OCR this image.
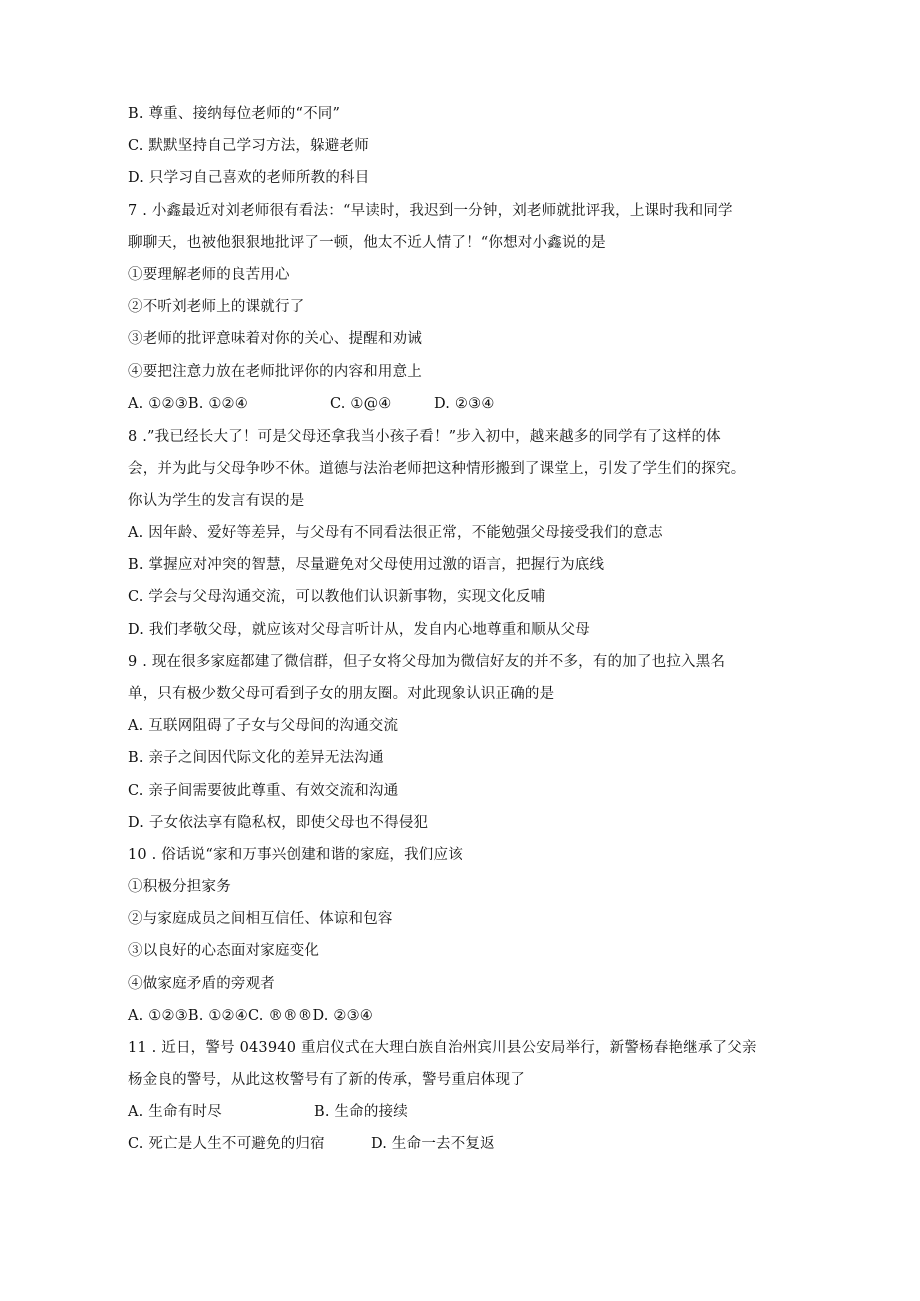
B. 尊重、接纳每位老师的“不同”
C. 默默坚持自己学习方法，躲避老师
D. 只学习自己喜欢的老师所教的科目
7 . 小鑫最近对刘老师很有看法：“早读时，我迟到一分钟，刘老师就批评我，上课时我和同学
聊聊天，也被他狠狠地批评了一顿，他太不近人情了！“你想对小鑫说的是
①要理解老师的良苦用心
②不听刘老师上的课就行了
③老师的批评意味着对你的关心、提醒和劝诫
④要把注意力放在老师批评你的内容和用意上
A. ①②③B. ①②④	C. ①@④	D. ②③④
8 .”我已经长大了！可是父母还拿我当小孩子看！”步入初中，越来越多的同学有了这样的体
会，并为此与父母争吵不休。道德与法治老师把这种情形搬到了课堂上，引发了学生们的探究。
你认为学生的发言有误的是
A. 因年龄、爱好等差异，与父母有不同看法很正常，不能勉强父母接受我们的意志
B. 掌握应对冲突的智慧，尽量避免对父母使用过激的语言，把握行为底线
C. 学会与父母沟通交流，可以教他们认识新事物，实现文化反哺
D. 我们孝敬父母，就应该对父母言听计从，发自内心地尊重和顺从父母
9 . 现在很多家庭都建了微信群，但子女将父母加为微信好友的并不多，有的加了也拉入黑名
单，只有极少数父母可看到子女的朋友圈。对此现象认识正确的是
A. 互联网阻碍了子女与父母间的沟通交流
B. 亲子之间因代际文化的差异无法沟通
C. 亲子间需要彼此尊重、有效交流和沟通
D. 子女依法享有隐私权，即使父母也不得侵犯
10 . 俗话说“家和万事兴创建和谐的家庭，我们应该
①积极分担家务
②与家庭成员之间相互信任、体谅和包容
③以良好的心态面对家庭变化
④做家庭矛盾的旁观者
A. ①②③B. ①②④C. ®®®D. ②③④
11 . 近日，警号 043940 重启仪式在大理白族自治州宾川县公安局举行，新警杨春艳继承了父亲
杨金良的警号，从此这枚警号有了新的传承，警号重启体现了
A. 生命有时尽	B. 生命的接续
C. 死亡是人生不可避免的归宿	D. 生命一去不复返
